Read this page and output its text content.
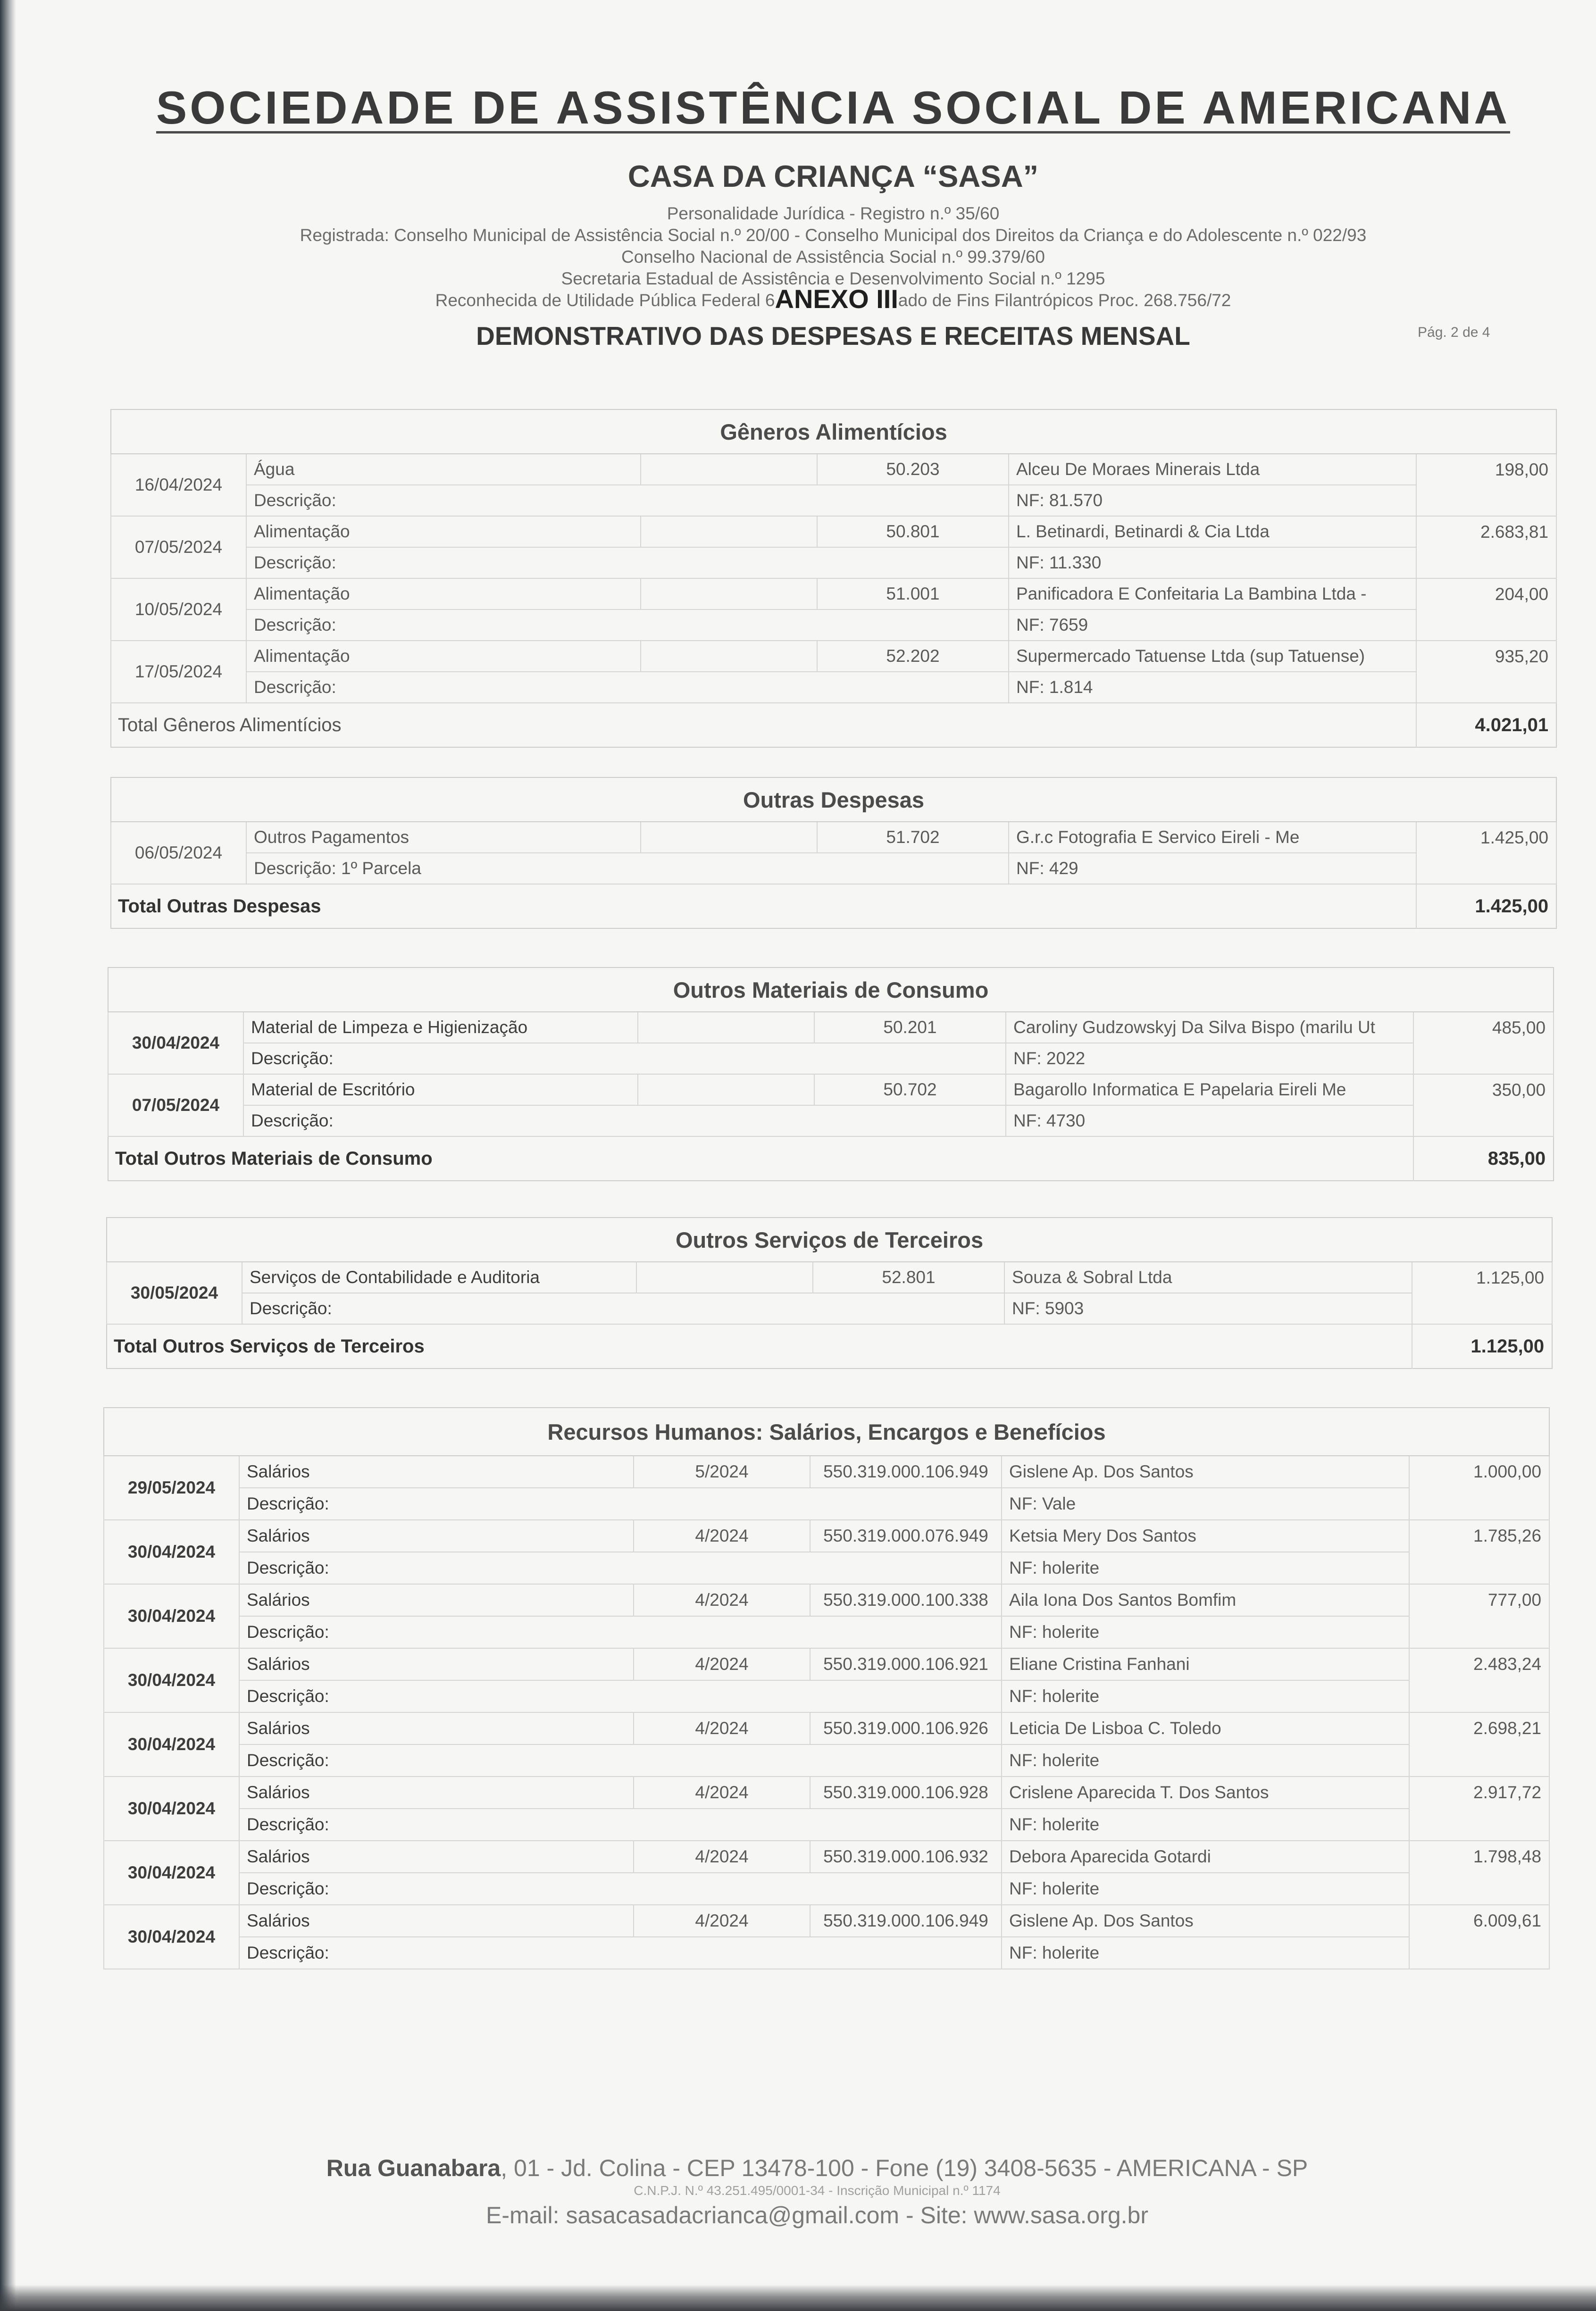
SOCIEDADE DE ASSISTÊNCIA SOCIAL DE AMERICANA
CASA DA CRIANÇA “SASA”
Personalidade Jurídica - Registro n.º 35/60
Registrada: Conselho Municipal de Assistência Social n.º 20/00 - Conselho Municipal dos Direitos da Criança e do Adolescente n.º 022/93
Conselho Nacional de Assistência Social n.º 99.379/60
Secretaria Estadual de Assistência e Desenvolvimento Social n.º 1295
Reconhecida de Utilidade Pública Federal 6ANEXO IIIado de Fins Filantrópicos Proc. 268.756/72
DEMONSTRATIVO DAS DESPESAS E RECEITAS MENSAL	Pág. 2 de 4
Gêneros Alimentícios					
16/04/2024	Água		50.203	Alceu De Moraes Minerais Ltda	198,00
	Descrição:			NF: 81.570	
07/05/2024	Alimentação		50.801	L. Betinardi, Betinardi & Cia Ltda	2.683,81
	Descrição:			NF: 11.330	
10/05/2024	Alimentação		51.001	Panificadora E Confeitaria La Bambina Ltda -	204,00
	Descrição:			NF: 7659	
17/05/2024	Alimentação		52.202	Supermercado Tatuense Ltda (sup Tatuense)	935,20
	Descrição:			NF: 1.814	
Total Gêneros Alimentícios					4.021,01
Outras Despesas					
06/05/2024	Outros Pagamentos		51.702	G.r.c Fotografia E Servico Eireli - Me	1.425,00
	Descrição: 1º Parcela			NF: 429	
Total Outras Despesas					1.425,00
Outros Materiais de Consumo					
30/04/2024	Material de Limpeza e Higienização		50.201	Caroliny Gudzowskyj Da Silva Bispo (marilu Ut	485,00
	Descrição:			NF: 2022	
07/05/2024	Material de Escritório		50.702	Bagarollo Informatica E Papelaria Eireli Me	350,00
	Descrição:			NF: 4730	
Total Outros Materiais de Consumo					835,00
Outros Serviços de Terceiros					
30/05/2024	Serviços de Contabilidade e Auditoria		52.801	Souza & Sobral Ltda	1.125,00
	Descrição:			NF: 5903	
Total Outros Serviços de Terceiros					1.125,00
Recursos Humanos: Salários, Encargos e Benefícios					
29/05/2024	Salários	5/2024	550.319.000.106.949	Gislene Ap. Dos Santos	1.000,00
	Descrição:			NF: Vale	
30/04/2024	Salários	4/2024	550.319.000.076.949	Ketsia Mery Dos Santos	1.785,26
	Descrição:			NF: holerite	
30/04/2024	Salários	4/2024	550.319.000.100.338	Aila Iona Dos Santos Bomfim	777,00
	Descrição:			NF: holerite	
30/04/2024	Salários	4/2024	550.319.000.106.921	Eliane Cristina Fanhani	2.483,24
	Descrição:			NF: holerite	
30/04/2024	Salários	4/2024	550.319.000.106.926	Leticia De Lisboa C. Toledo	2.698,21
	Descrição:			NF: holerite	
30/04/2024	Salários	4/2024	550.319.000.106.928	Crislene Aparecida T. Dos Santos	2.917,72
	Descrição:			NF: holerite	
30/04/2024	Salários	4/2024	550.319.000.106.932	Debora Aparecida Gotardi	1.798,48
	Descrição:			NF: holerite	
30/04/2024	Salários	4/2024	550.319.000.106.949	Gislene Ap. Dos Santos	6.009,61
	Descrição:			NF: holerite	
Rua Guanabara, 01 - Jd. Colina - CEP 13478-100 - Fone (19) 3408-5635 - AMERICANA - SP
C.N.P.J. N.º 43.251.495/0001-34 - Inscrição Municipal n.º 1174
E-mail: sasacasadacrianca@gmail.com - Site: www.sasa.org.br
